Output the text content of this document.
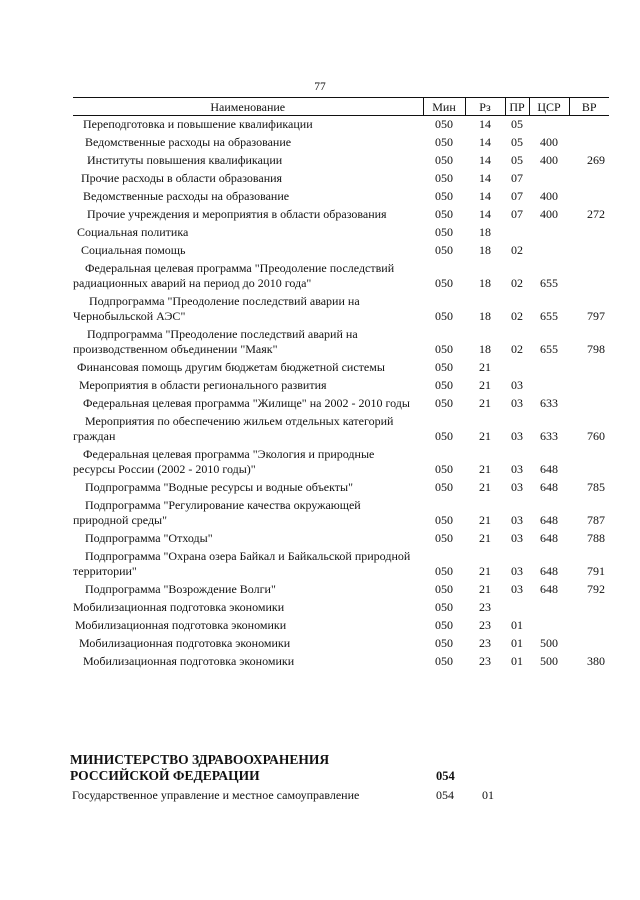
77
Наименование	Мин	Рз	ПР	ЦСР	ВР
Переподготовка и повышение квалификации	050	14	05		
Ведомственные расходы на образование	050	14	05	400	
Институты повышения квалификации	050	14	05	400	269
Прочие расходы в области образования	050	14	07		
Ведомственные расходы на образование	050	14	07	400	
Прочие учреждения и мероприятия в области образования	050	14	07	400	272
Социальная политика	050	18			
Социальная помощь	050	18	02		
Федеральная целевая программа "Преодоление последствий радиационных аварий на период до 2010 года"	050	18	02	655	
Подпрограмма "Преодоление последствий аварии на Чернобыльской АЭС"	050	18	02	655	797
Подпрограмма "Преодоление последствий аварий на производственном объединении "Маяк"	050	18	02	655	798
Финансовая помощь другим бюджетам бюджетной системы	050	21			
Мероприятия в области регионального развития	050	21	03		
Федеральная целевая программа "Жилище" на 2002 - 2010 годы	050	21	03	633	
Мероприятия по обеспечению жильем отдельных категорий граждан	050	21	03	633	760
Федеральная целевая программа "Экология и природные ресурсы России (2002 - 2010 годы)"	050	21	03	648	
Подпрограмма "Водные ресурсы и водные объекты"	050	21	03	648	785
Подпрограмма "Регулирование качества окружающей природной среды"	050	21	03	648	787
Подпрограмма "Отходы"	050	21	03	648	788
Подпрограмма "Охрана озера Байкал и Байкальской природной территории"	050	21	03	648	791
Подпрограмма "Возрождение Волги"	050	21	03	648	792
Мобилизационная подготовка экономики	050	23			
Мобилизационная подготовка экономики	050	23	01		
Мобилизационная подготовка экономики	050	23	01	500	
Мобилизационная подготовка экономики	050	23	01	500	380
МИНИСТЕРСТВО ЗДРАВООХРАНЕНИЯ РОССИЙСКОЙ ФЕДЕРАЦИИ	054
Государственное управление и местное самоуправление	054 01
